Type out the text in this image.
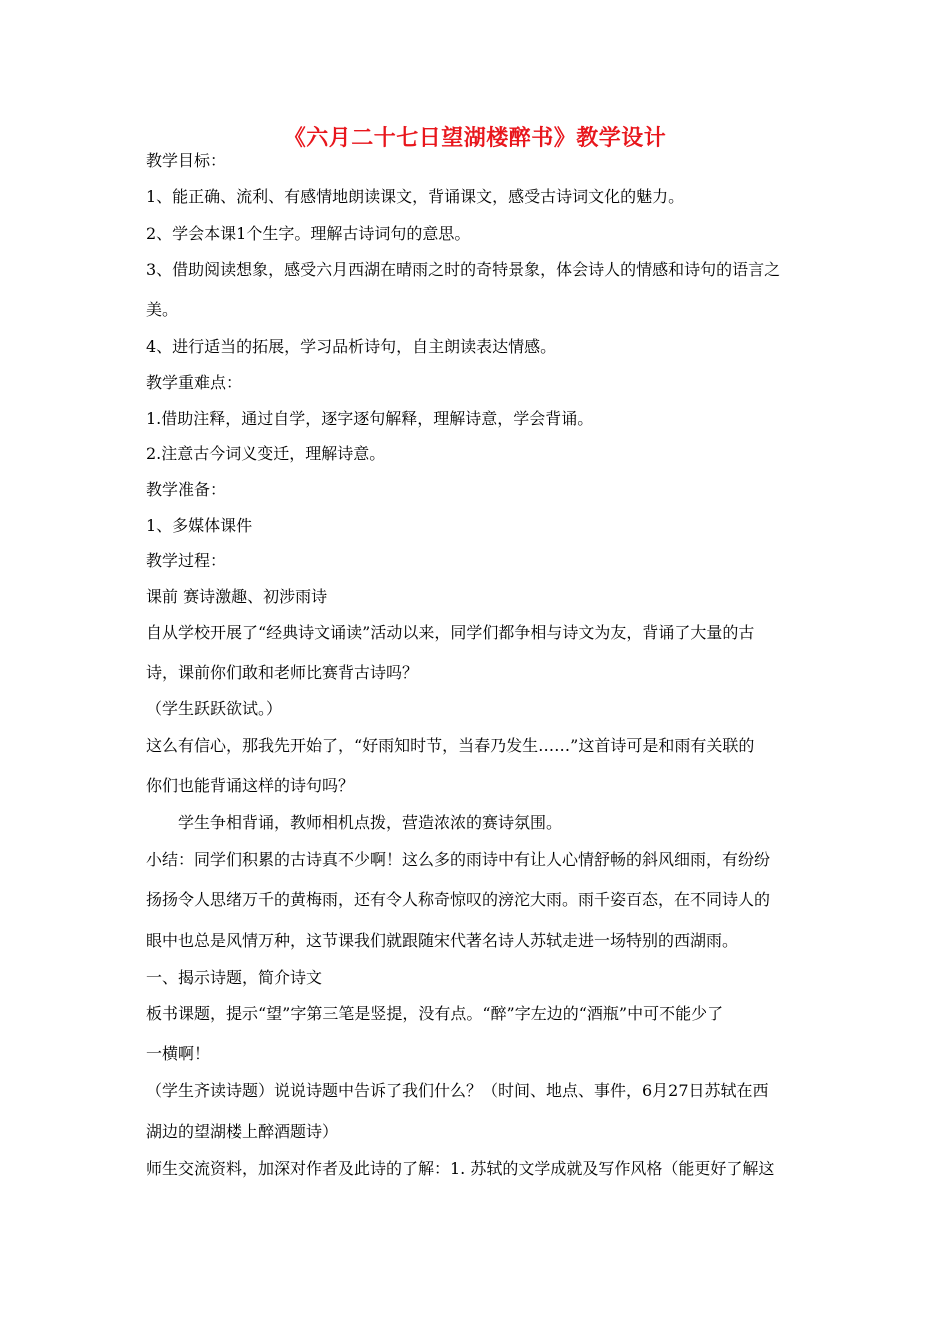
《六月二十七日望湖楼醉书》教学设计
教学目标：
1、能正确、流利、有感情地朗读课文，背诵课文，感受古诗词文化的魅力。
2、学会本课1个生字。理解古诗词句的意思。
3、借助阅读想象，感受六月西湖在晴雨之时的奇特景象，体会诗人的情感和诗句的语言之
美。
4、进行适当的拓展，学习品析诗句，自主朗读表达情感。
教学重难点：
1.借助注释，通过自学，逐字逐句解释，理解诗意，学会背诵。
2.注意古今词义变迁，理解诗意。
教学准备：
1、多媒体课件
教学过程：
课前 赛诗激趣、初涉雨诗
自从学校开展了“经典诗文诵读”活动以来，同学们都争相与诗文为友，背诵了大量的古
诗，课前你们敢和老师比赛背古诗吗？
（学生跃跃欲试。）
这么有信心，那我先开始了，“好雨知时节，当春乃发生……”这首诗可是和雨有关联的
你们也能背诵这样的诗句吗？
学生争相背诵，教师相机点拨，营造浓浓的赛诗氛围。
小结：同学们积累的古诗真不少啊！这么多的雨诗中有让人心情舒畅的斜风细雨，有纷纷
扬扬令人思绪万千的黄梅雨，还有令人称奇惊叹的滂沱大雨。雨千姿百态，在不同诗人的
眼中也总是风情万种，这节课我们就跟随宋代著名诗人苏轼走进一场特别的西湖雨。
一、揭示诗题，简介诗文
板书课题，提示“望”字第三笔是竖提，没有点。“醉”字左边的“酒瓶”中可不能少了
一横啊！
（学生齐读诗题）说说诗题中告诉了我们什么？（时间、地点、事件，6月27日苏轼在西
湖边的望湖楼上醉酒题诗）
师生交流资料，加深对作者及此诗的了解：1. 苏轼的文学成就及写作风格（能更好了解这
